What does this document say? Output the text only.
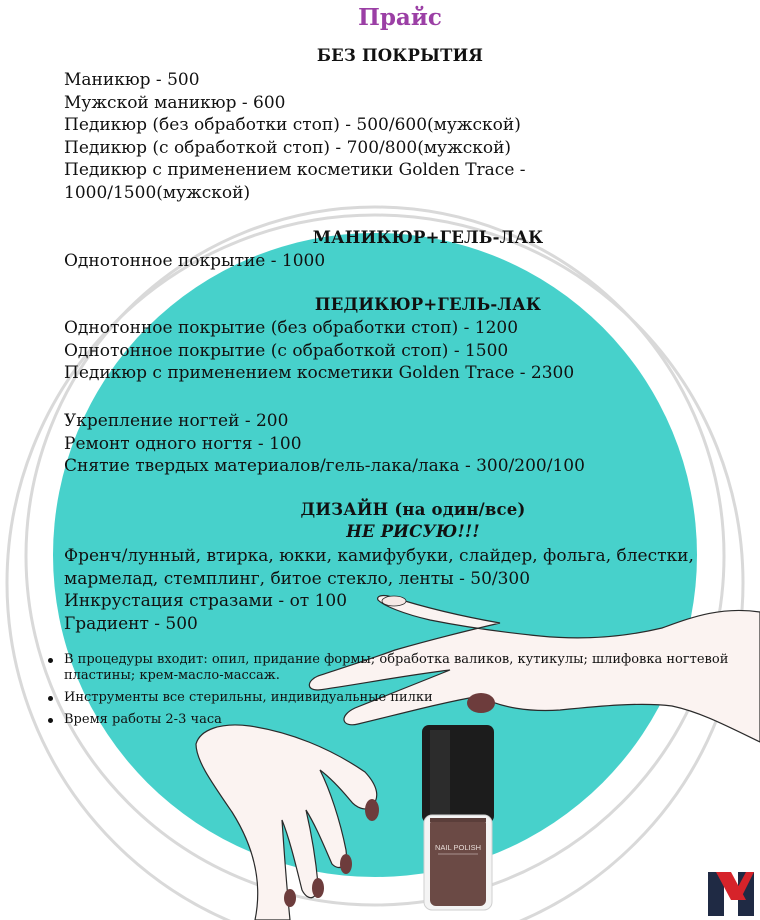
Прайс
БЕЗ ПОКРЫТИЯ
Маникюр - 500
Мужской маникюр - 600
Педикюр (без обработки стоп) - 500/600(мужской)
Педикюр (с обработкой стоп) - 700/800(мужской)
Педикюр с применением косметики Golden Trace -
1000/1500(мужской)
МАНИКЮР+ГЕЛЬ-ЛАК
Однотонное покрытие - 1000
ПЕДИКЮР+ГЕЛЬ-ЛАК
Однотонное покрытие (без обработки стоп) - 1200
Однотонное покрытие (с обработкой стоп) - 1500
Педикюр с применением косметики Golden Trace - 2300
Укрепление ногтей - 200
Ремонт одного ногтя - 100
Снятие твердых материалов/гель-лака/лака - 300/200/100
ДИЗАЙН (на один/все)
НЕ РИСУЮ!!!
Френч/лунный, втирка, юкки, камифубуки, слайдер, фольга, блестки,
мармелад, стемплинг, битое стекло, ленты - 50/300
Инкрустация стразами - от 100
Градиент - 500
В процедуры входит: опил, придание формы; обработка валиков, кутикулы; шлифовка ногтевой пластины; крем-масло-массаж.
Инструменты все стерильны, индивидуальные пилки
Время работы 2-3 часа
NAIL POLISH
